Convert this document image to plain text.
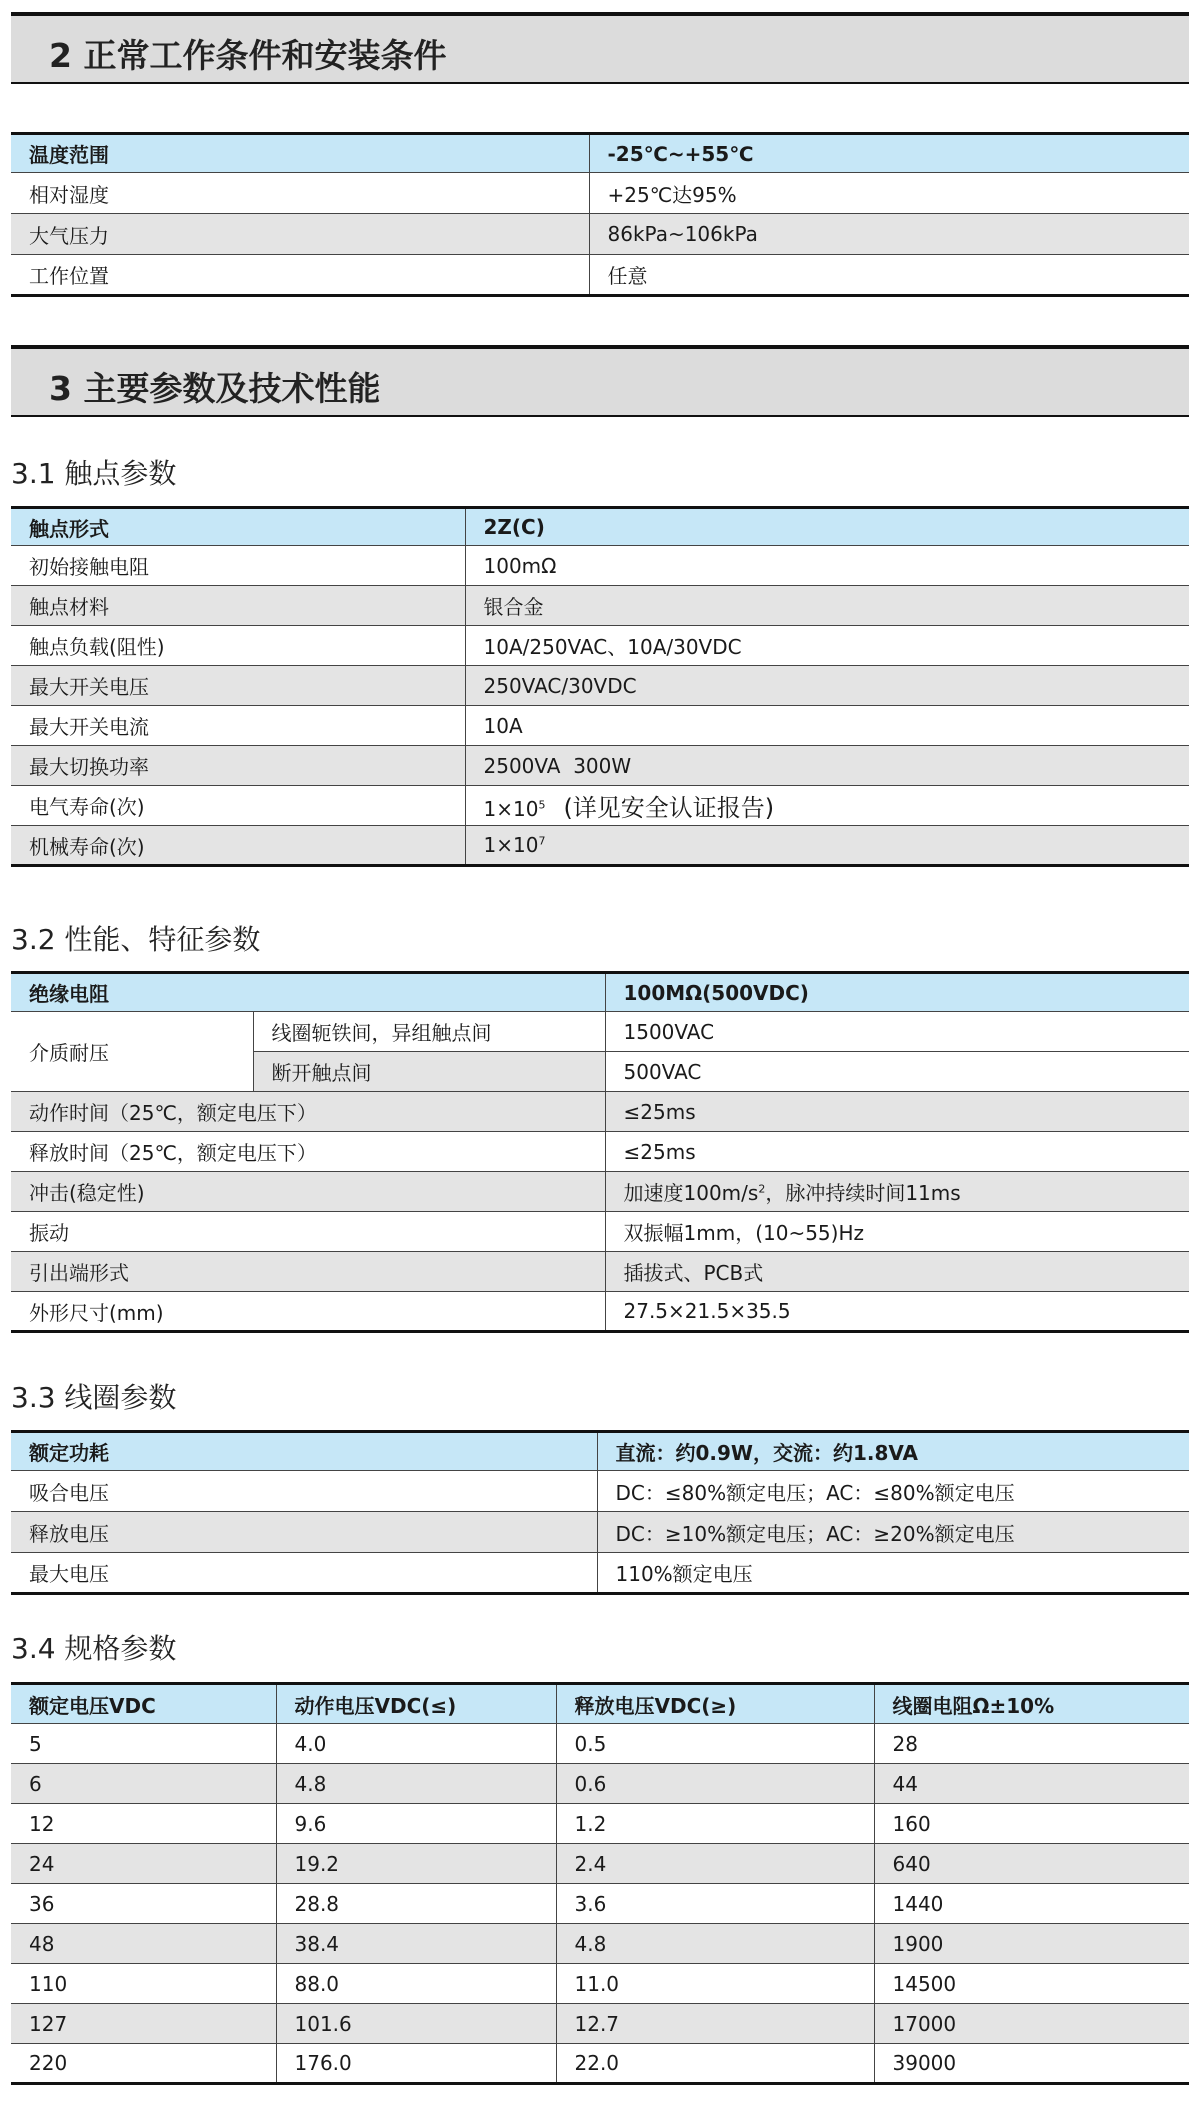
2 正常工作条件和安装条件
温度范围	-25℃~+55℃
相对湿度	+25℃达95%
大气压力	86kPa~106kPa
工作位置	任意
3 主要参数及技术性能
3.1 触点参数
触点形式	2Z(C)
初始接触电阻	100mΩ
触点材料	银合金
触点负载(阻性)	10A/250VAC、10A/30VDC
最大开关电压	250VAC/30VDC
最大开关电流	10A
最大切换功率	2500VA  300W
电气寿命(次)	$1\times 10^5$ (详见安全认证报告)
机械寿命(次)	$1\times 10^7$
3.2 性能、特征参数
绝缘电阻		100MΩ(500VDC)
介质耐压	线圈轭铁间，异组触点间	1500VAC
	断开触点间	500VAC
动作时间（25℃，额定电压下）		≤25ms
释放时间（25℃，额定电压下）		≤25ms
冲击(稳定性)		加速度$100m/s^2$，脉冲持续时间11ms
振动		双振幅1mm，(10~55)Hz
引出端形式		插拔式、PCB式
外形尺寸(mm)		27.5×21.5×35.5
3.3 线圈参数
额定功耗	直流：约0.9W，交流：约1.8VA
吸合电压	DC：≤80%额定电压；AC：≤80%额定电压
释放电压	DC：≥10%额定电压；AC：≥20%额定电压
最大电压	110%额定电压
3.4 规格参数
额定电压VDC	动作电压VDC(≤)	释放电压VDC(≥)	线圈电阻Ω±10%
5	4.0	0.5	28
6	4.8	0.6	44
12	9.6	1.2	160
24	19.2	2.4	640
36	28.8	3.6	1440
48	38.4	4.8	1900
110	88.0	11.0	14500
127	101.6	12.7	17000
220	176.0	22.0	39000
